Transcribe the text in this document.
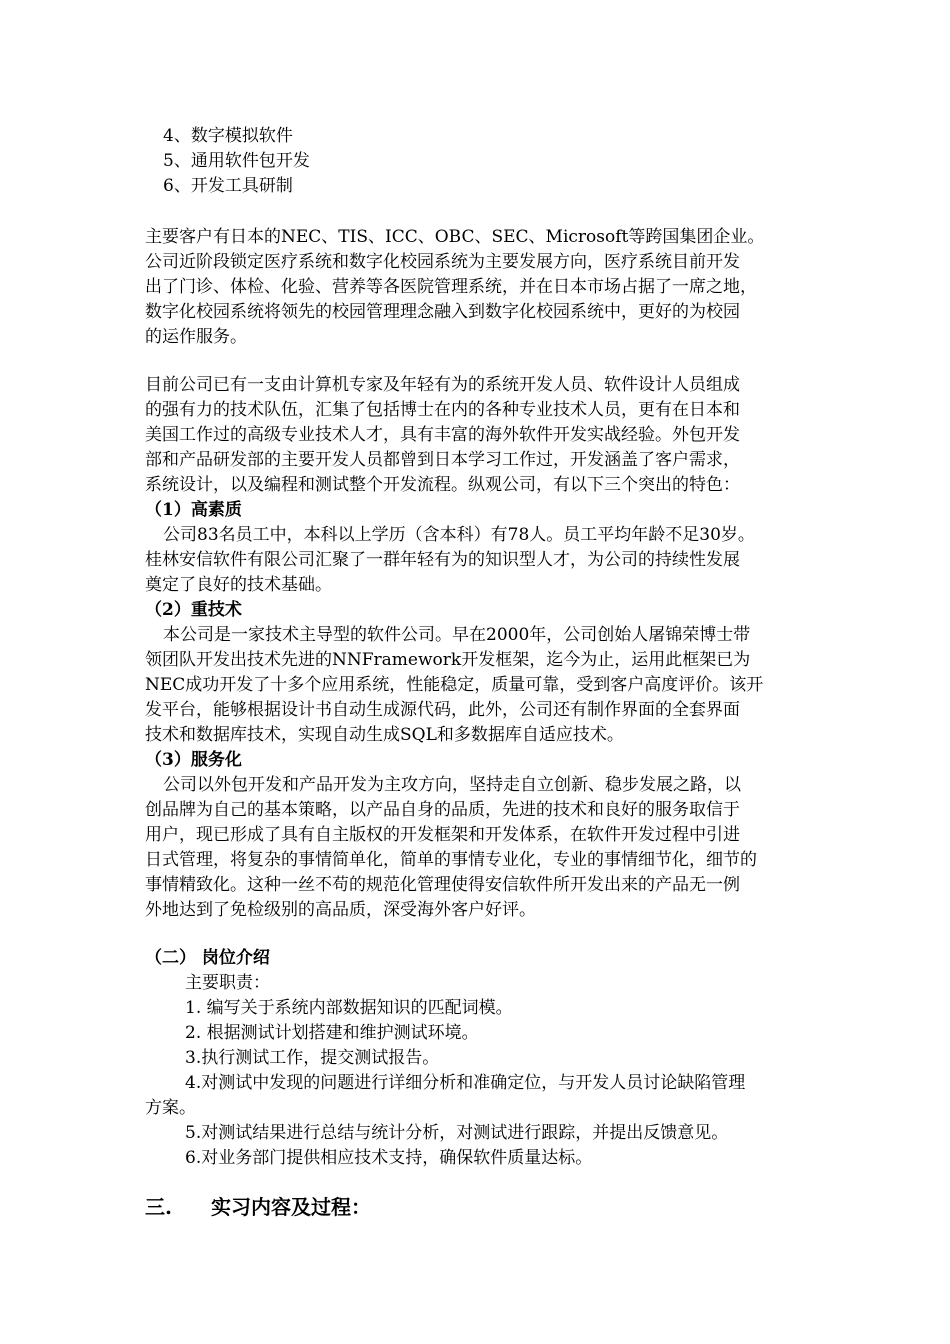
4、数字模拟软件
5、通用软件包开发
6、开发工具研制
主要客户有日本的NEC、TIS、ICC、OBC、SEC、Microsoft等跨国集团企业。
公司近阶段锁定医疗系统和数字化校园系统为主要发展方向，医疗系统目前开发
出了门诊、体检、化验、营养等各医院管理系统，并在日本市场占据了一席之地，
数字化校园系统将领先的校园管理理念融入到数字化校园系统中，更好的为校园
的运作服务。
目前公司已有一支由计算机专家及年轻有为的系统开发人员、软件设计人员组成
的强有力的技术队伍，汇集了包括博士在内的各种专业技术人员，更有在日本和
美国工作过的高级专业技术人才，具有丰富的海外软件开发实战经验。外包开发
部和产品研发部的主要开发人员都曾到日本学习工作过，开发涵盖了客户需求，
系统设计，以及编程和测试整个开发流程。纵观公司，有以下三个突出的特色：
（1）高素质
公司83名员工中，本科以上学历（含本科）有78人。员工平均年龄不足30岁。
桂林安信软件有限公司汇聚了一群年轻有为的知识型人才，为公司的持续性发展
奠定了良好的技术基础。
（2）重技术
本公司是一家技术主导型的软件公司。早在2000年，公司创始人屠锦荣博士带
领团队开发出技术先进的NNFramework开发框架，迄今为止，运用此框架已为
NEC成功开发了十多个应用系统，性能稳定，质量可靠，受到客户高度评价。该开
发平台，能够根据设计书自动生成源代码，此外，公司还有制作界面的全套界面
技术和数据库技术，实现自动生成SQL和多数据库自适应技术。
（3）服务化
公司以外包开发和产品开发为主攻方向，坚持走自立创新、稳步发展之路，以
创品牌为自己的基本策略，以产品自身的品质，先进的技术和良好的服务取信于
用户，现已形成了具有自主版权的开发框架和开发体系，在软件开发过程中引进
日式管理，将复杂的事情简单化，简单的事情专业化，专业的事情细节化，细节的
事情精致化。这种一丝不苟的规范化管理使得安信软件所开发出来的产品无一例
外地达到了免检级别的高品质，深受海外客户好评。
（二） 岗位介绍
主要职责：
1. 编写关于系统内部数据知识的匹配词模。
2. 根据测试计划搭建和维护测试环境。
3.执行测试工作，提交测试报告。
4.对测试中发现的问题进行详细分析和准确定位，与开发人员讨论缺陷管理
方案。
5.对测试结果进行总结与统计分析，对测试进行跟踪，并提出反馈意见。
6.对业务部门提供相应技术支持，确保软件质量达标。
三. 实习内容及过程：
